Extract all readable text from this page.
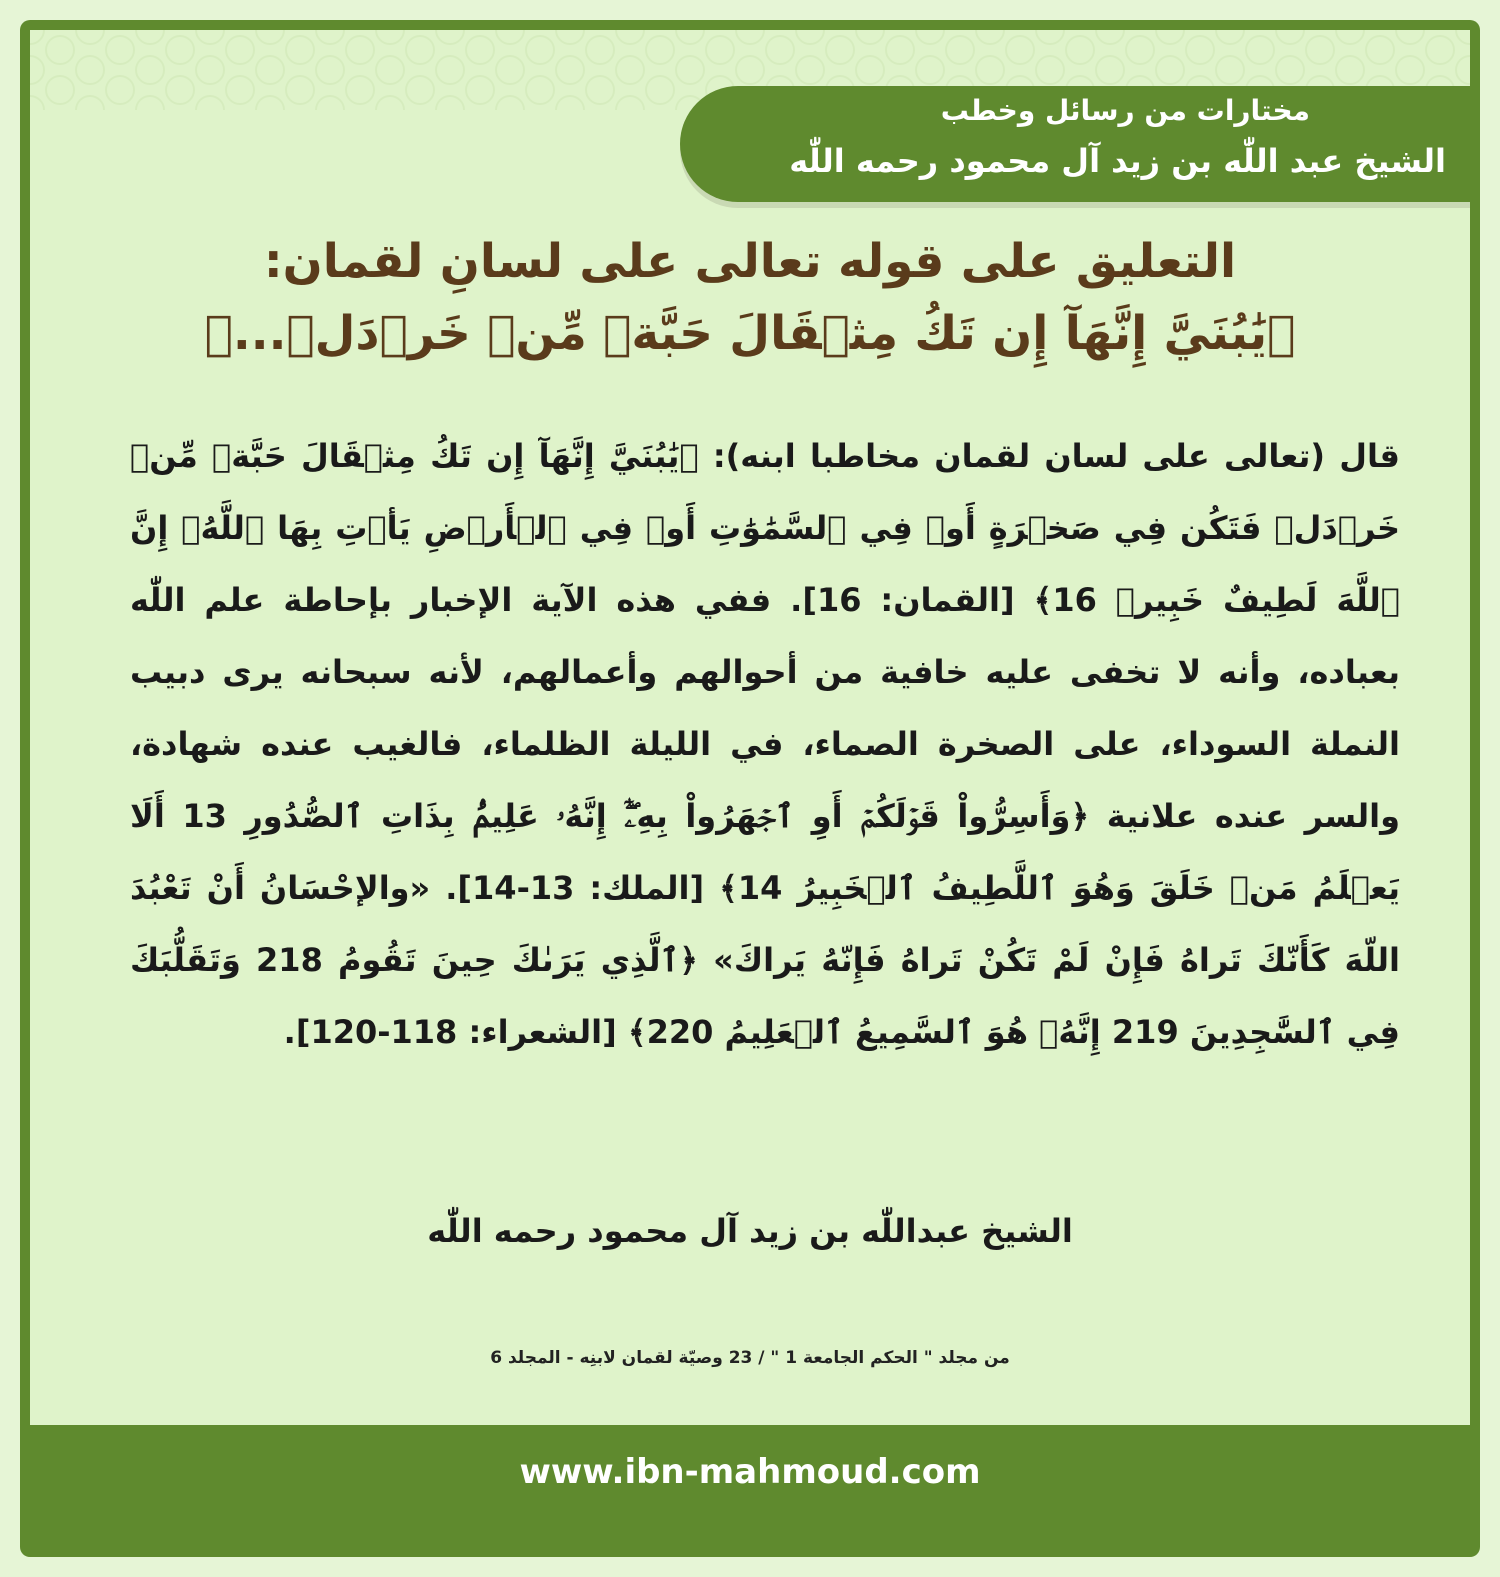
مختارات من رسائل وخطب
الشيخ عبد اللّٰه بن زيد آل محمود رحمه اللّٰه
التعليق على قوله تعالى على لسانِ لقمان:
﴿يَٰبُنَيَّ إِنَّهَآ إِن تَكُ مِثۡقَالَ حَبَّةٖ مِّنۡ خَرۡدَلٖ...﴾
قال (تعالى على لسان لقمان مخاطبا ابنه): ﴿يَٰبُنَيَّ إِنَّهَآ إِن تَكُ مِثۡقَالَ حَبَّةٖ مِّنۡ خَرۡدَلٖ فَتَكُن فِي صَخۡرَةٍ أَوۡ فِي ٱلسَّمَٰوَٰتِ أَوۡ فِي ٱلۡأَرۡضِ يَأۡتِ بِهَا ٱللَّهُۚ إِنَّ ٱللَّهَ لَطِيفٌ خَبِيرٞ 16﴾ [القمان: 16]. ففي هذه الآية الإخبار بإحاطة علم اللّٰه بعباده، وأنه لا تخفى عليه خافية من أحوالهم وأعمالهم، لأنه سبحانه يرى دبيب النملة السوداء، على الصخرة الصماء، في الليلة الظلماء، فالغيب عنده شهادة، والسر عنده علانية ﴿وَأَسِرُّواْ قَوۡلَكُمۡ أَوِ ٱجۡهَرُواْ بِهِۦٓۖ إِنَّهُۥ عَلِيمُۢ بِذَاتِ ٱلصُّدُورِ 13 أَلَا يَعۡلَمُ مَنۡ خَلَقَ وَهُوَ ٱللَّطِيفُ ٱلۡخَبِيرُ 14﴾ [الملك: 13-14]. «والإحْسَانُ أَنْ تَعْبُدَ اللّهَ كَأَنّكَ تَراهُ فَإِنْ لَمْ تَكُنْ تَراهُ فَإِنّهُ يَراكَ» ﴿ٱلَّذِي يَرَىٰكَ حِينَ تَقُومُ 218 وَتَقَلُّبَكَ فِي ٱلسَّٰجِدِينَ 219 إِنَّهُۥ هُوَ ٱلسَّمِيعُ ٱلۡعَلِيمُ 220﴾ [الشعراء: 118-120].
الشيخ عبداللّٰه بن زيد آل محمود رحمه اللّٰه
من مجلد " الحكم الجامعة 1 " / 23 وصيّة لقمان لابنِه - المجلد 6
www.ibn-mahmoud.com
